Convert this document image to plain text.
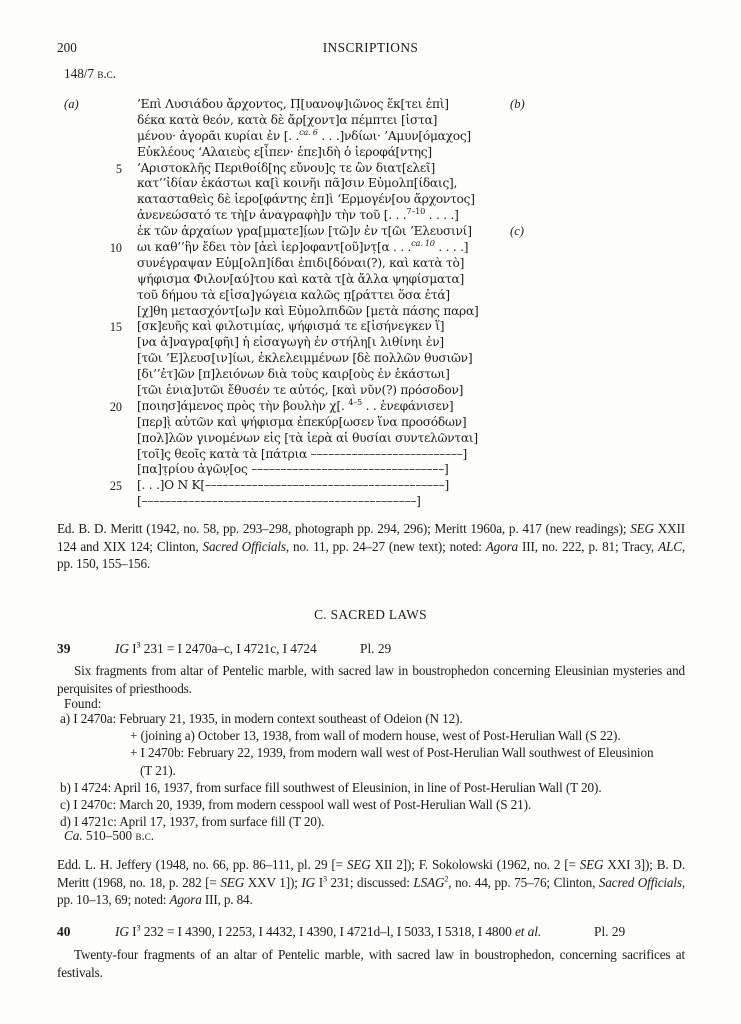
200	INSCRIPTIONS
148/7 b.c.
(a)	’Επὶ Λυσιάδου ἄρχοντος, Π̣[υανοψ]ιῶνος ἕκ[τει ἐπὶ]	(b)
δέκα κατὰ θεόν, κατὰ δὲ ἄρ[χοντ]α πέμπτει [ἱστα]
μένου· ἀγορᾶι κυρίαι ἐν [. .$^{ca. 6}$ . . .]νδίωι· ’Αμυν[όμαχος]
Εὐκλέους ‘Αλαιεὺς ε[ἶπεν· ἐπε]ιδὴ ὁ ἱεροφά[ντης]
5 ’Αριστοκλῆς Περιθοίδ[ης εὔνου]ς τε ὢν διατ[ελεῖ]
κατ’’ἰδίαν ἑκάστωι κα[ὶ κοινῆι πᾶ]σιν Εὐμολπ[ίδαις],
κατασταθεὶς δὲ ἱερο[φάντης ἐπ]ὶ ‘Ερμογέν[ου ἄρχοντος]
ἀνενεώσατό τε τὴ[ν ἀναγραφὴ]ν τὴν τοῦ [. . .$^{7-10}$ . . . .]
ἐκ τῶν ἀρχαίων γρα[μματε]ί̣ων [τῶ]ν ἐν τ[ῶι ’Ελευσινί]	(c)
10 ωι καθ’’ἣν ἔδει τὸν [ἀεὶ ἱερ]οφαντ[οῦ]ντ̣[α . . .$^{ca. 10}$ . . . .]
συνέγραψαν Εὐμ[ολπ]ίδαι ἐπιδι[δόναι(?), καὶ κατὰ τὸ]
ψήφισμα Φιλον[αύ]του καὶ κατὰ τ[ὰ ἄλλα ψηφίσματα]
τοῦ δήμου τὰ ε[ἰσα]γώγεια καλῶς π̣[ράττει ὅσα ἐτά]
[χ]θη μετασχόντ[ω]ν καὶ Εὐμολπιδῶν [μετὰ πάσης παρα]
15 [σκ]ευῆς καὶ φιλοτιμίας, ψήφισμά τε ε[ἰσήνεγκεν ἵ]
[να ἀ]ναγρα[φῆι] ἡ εἰσαγωγὴ ἐν στήλη[ι λιθίνηι ἐν]
[τῶι ’Ε]λευσ[ιν]ίωι, ἐκλελειμμένων [δὲ πολλῶν θυσιῶν]
[δι’’ἐτ]ῶν [π]λειόνων διὰ τοὺς καιρ[οὺς ἐν ἑκάστωι]
[τῶι ἐνια]υτῶι ἔθυσέν τε αὐτός, [καὶ νῦν(?) πρόσοδον]
20 [ποιησ]άμενος πρὸς τὴν βουλὴν χ̣[. $^{4-5}$ . . ἐνεφάνισεν]
[περ]ὶ̣ αὐτῶν καὶ ψήφισμα ἐπεκύρ[ωσεν ἵνα προσόδων]
[πολ]λῶν γινομένων εἰς [τὰ ἱερὰ αἱ θυσίαι συντελῶνται]
[τοῖ]ς̣ θεοῖς κατὰ τὰ [πάτρια ––––––––––––––––––––––––––]
[πα]τ̣ρίου ἀγῶν̣[ος –––––––––––––––––––––––––––––––––]
25 [. . .]Ο Ν Κ[–––––––––––––––––––––––––––––––––––––––––]
[–––––––––––––––––––––––––––––––––––––––––––––––]

Ed. B. D. Meritt (1942, no. 58, pp. 293–298, photograph pp. 294, 296); Meritt 1960a, p. 417 (new readings); SEG XXII 124 and XIX 124; Clinton, Sacred Officials, no. 11, pp. 24–27 (new text); noted: Agora III, no. 222, p. 81; Tracy, ALC, pp. 150, 155–156.

C. SACRED LAWS
39	IG $I^3$ 231 = I 2470a–c, I 4721c, I 4724	Pl. 29

Six fragments from altar of Pentelic marble, with sacred law in boustrophedon concerning Eleusinian mysteries and perquisites of priesthoods.

Found:
a) I 2470a: February 21, 1935, in modern context southeast of Odeion (N 12).
+ (joining a) October 13, 1938, from wall of modern house, west of Post-Herulian Wall (S 22).
+ I 2470b: February 22, 1939, from modern wall west of Post-Herulian Wall southwest of Eleusinion
(T 21).
b) I 4724: April 16, 1937, from surface fill southwest of Eleusinion, in line of Post-Herulian Wall (T 20).
c) I 2470c: March 20, 1939, from modern cesspool wall west of Post-Herulian Wall (S 21).
d) I 4721c: April 17, 1937, from surface fill (T 20).
Ca. 510–500 b.c.

Edd. L. H. Jeffery (1948, no. 66, pp. 86–111, pl. 29 [= SEG XII 2]); F. Sokolowski (1962, no. 2 [= SEG XXI 3]); B. D. Meritt (1968, no. 18, p. 282 [= SEG XXV 1]); IG $I^3$ 231; discussed: LSAG$^2$, no. 44, pp. 75–76; Clinton, Sacred Officials, pp. 10–13, 69; noted: Agora III, p. 84.

40	IG $I^3$ 232 = I 4390, I 2253, I 4432, I 4390, I 4721d–l, I 5033, I 5318, I 4800 et al.	Pl. 29

Twenty-four fragments of an altar of Pentelic marble, with sacred law in boustrophedon, concerning sacrifices at festivals.
